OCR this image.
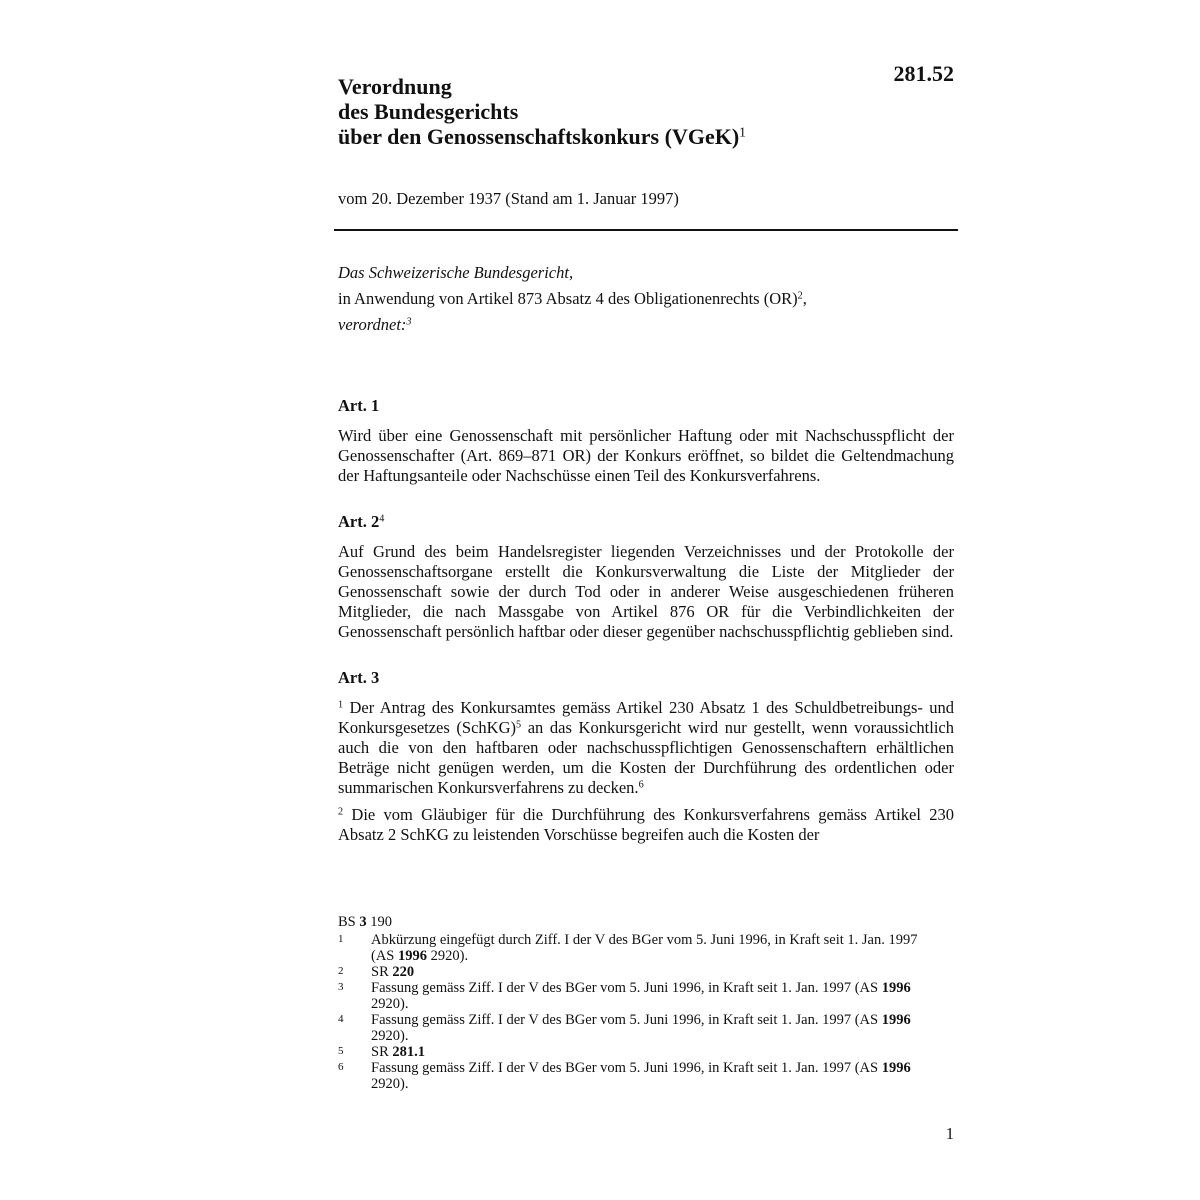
281.52
Verordnung
des Bundesgerichts
über den Genossenschaftskonkurs (VGeK)$^1$
vom 20. Dezember 1937 (Stand am 1. Januar 1997)
Das Schweizerische Bundesgericht,
in Anwendung von Artikel 873 Absatz 4 des Obligationenrechts (OR)$^2$,
verordnet:$^3$
Art. 1
Wird über eine Genossenschaft mit persönlicher Haftung oder mit Nachschusspflicht der Genossenschafter (Art. 869–871 OR) der Konkurs eröffnet, so bildet die Geltendmachung der Haftungsanteile oder Nachschüsse einen Teil des Konkursverfahrens.
Art. $2^4$
Auf Grund des beim Handelsregister liegenden Verzeichnisses und der Protokolle der Genossenschaftsorgane erstellt die Konkursverwaltung die Liste der Mitglieder der Genossenschaft sowie der durch Tod oder in anderer Weise ausgeschiedenen früheren Mitglieder, die nach Massgabe von Artikel 876 OR für die Verbindlichkeiten der Genossenschaft persönlich haftbar oder dieser gegenüber nachschusspflichtig geblieben sind.
Art. 3
$^1$ Der Antrag des Konkursamtes gemäss Artikel 230 Absatz 1 des Schuldbetreibungs- und Konkursgesetzes (SchKG)$^5$ an das Konkursgericht wird nur gestellt, wenn voraussichtlich auch die von den haftbaren oder nachschusspflichtigen Genossenschaftern erhältlichen Beträge nicht genügen werden, um die Kosten der Durchführung des ordentlichen oder summarischen Konkursverfahrens zu decken.$^6$
$^2$ Die vom Gläubiger für die Durchführung des Konkursverfahrens gemäss Artikel 230 Absatz 2 SchKG zu leistenden Vorschüsse begreifen auch die Kosten der
BS 3 190
1	Abkürzung eingefügt durch Ziff. I der V des BGer vom 5. Juni 1996, in Kraft seit 1. Jan. 1997 (AS 1996 2920).
2	SR 220
3	Fassung gemäss Ziff. I der V des BGer vom 5. Juni 1996, in Kraft seit 1. Jan. 1997 (AS 1996 2920).
4	Fassung gemäss Ziff. I der V des BGer vom 5. Juni 1996, in Kraft seit 1. Jan. 1997 (AS 1996 2920).
5	SR 281.1
6	Fassung gemäss Ziff. I der V des BGer vom 5. Juni 1996, in Kraft seit 1. Jan. 1997 (AS 1996 2920).
1
